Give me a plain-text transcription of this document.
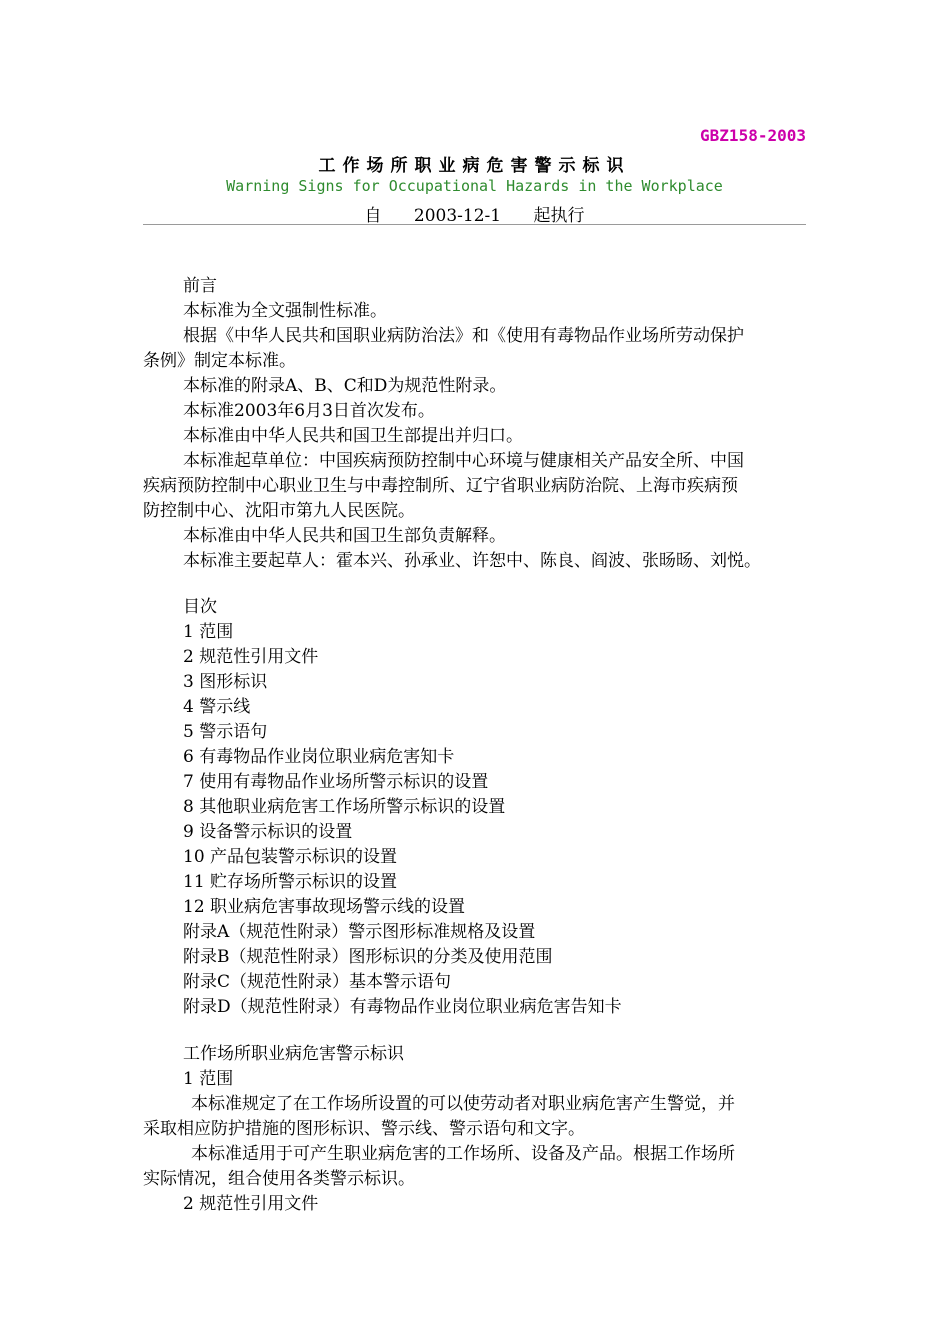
GBZ158-2003
工作场所职业病危害警示标识
Warning Signs for Occupational Hazards in the Workplace
自 2003-12-1 起执行
前言
本标准为全文强制性标准。
根据《中华人民共和国职业病防治法》和《使用有毒物品作业场所劳动保护
条例》制定本标准。
本标准的附录A、B、C和D为规范性附录。
本标准2003年6月3日首次发布。
本标准由中华人民共和国卫生部提出并归口。
本标准起草单位：中国疾病预防控制中心环境与健康相关产品安全所、中国
疾病预防控制中心职业卫生与中毒控制所、辽宁省职业病防治院、上海市疾病预
防控制中心、沈阳市第九人民医院。
本标准由中华人民共和国卫生部负责解释。
本标准主要起草人：霍本兴、孙承业、许恕中、陈良、阎波、张旸旸、刘悦。
目次
1 范围
2 规范性引用文件
3 图形标识
4 警示线
5 警示语句
6 有毒物品作业岗位职业病危害知卡
7 使用有毒物品作业场所警示标识的设置
8 其他职业病危害工作场所警示标识的设置
9 设备警示标识的设置
10 产品包装警示标识的设置
11 贮存场所警示标识的设置
12 职业病危害事故现场警示线的设置
附录A（规范性附录）警示图形标准规格及设置
附录B（规范性附录）图形标识的分类及使用范围
附录C（规范性附录）基本警示语句
附录D（规范性附录）有毒物品作业岗位职业病危害告知卡
工作场所职业病危害警示标识
1 范围
本标准规定了在工作场所设置的可以使劳动者对职业病危害产生警觉，并
采取相应防护措施的图形标识、警示线、警示语句和文字。
本标准适用于可产生职业病危害的工作场所、设备及产品。根据工作场所
实际情况，组合使用各类警示标识。
2 规范性引用文件
